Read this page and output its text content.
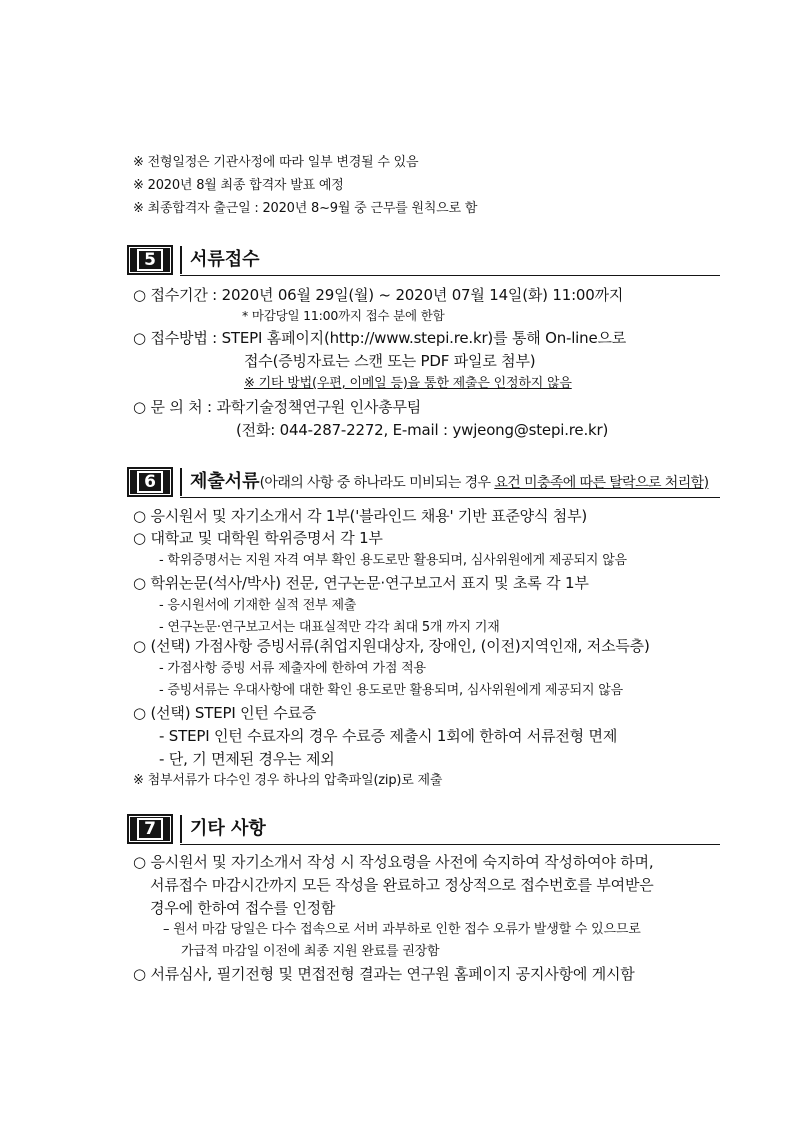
※ 전형일정은 기관사정에 따라 일부 변경될 수 있음
※ 2020년 8월 최종 합격자 발표 예정
※ 최종합격자 출근일 : 2020년 8~9월 중 근무를 원칙으로 함
5	서류접수
○ 접수기간 : 2020년 06월 29일(월) ~ 2020년 07월 14일(화) 11:00까지
* 마감당일 11:00까지 접수 분에 한함
○ 접수방법 : STEPI 홈페이지(http://www.stepi.re.kr)를 통해 On-line으로
접수(증빙자료는 스캔 또는 PDF 파일로 첨부)
※ 기타 방법(우편, 이메일 등)을 통한 제출은 인정하지 않음
○ 문 의 처 : 과학기술정책연구원 인사총무팀
(전화: 044-287-2272, E-mail : ywjeong@stepi.re.kr)
6	제출서류(아래의 사항 중 하나라도 미비되는 경우 요건 미충족에 따른 탈락으로 처리함)
○ 응시원서 및 자기소개서 각 1부('블라인드 채용' 기반 표준양식 첨부)
○ 대학교 및 대학원 학위증명서 각 1부
- 학위증명서는 지원 자격 여부 확인 용도로만 활용되며, 심사위원에게 제공되지 않음
○ 학위논문(석사/박사) 전문, 연구논문·연구보고서 표지 및 초록 각 1부
- 응시원서에 기재한 실적 전부 제출
- 연구논문·연구보고서는 대표실적만 각각 최대 5개 까지 기재
○ (선택) 가점사항 증빙서류(취업지원대상자, 장애인, (이전)지역인재, 저소득층)
- 가점사항 증빙 서류 제출자에 한하여 가점 적용
- 증빙서류는 우대사항에 대한 확인 용도로만 활용되며, 심사위원에게 제공되지 않음
○ (선택) STEPI 인턴 수료증
- STEPI 인턴 수료자의 경우 수료증 제출시 1회에 한하여 서류전형 면제
- 단, 기 면제된 경우는 제외
※ 첨부서류가 다수인 경우 하나의 압축파일(zip)로 제출
7	기타 사항
○ 응시원서 및 자기소개서 작성 시 작성요령을 사전에 숙지하여 작성하여야 하며,
서류접수 마감시간까지 모든 작성을 완료하고 정상적으로 접수번호를 부여받은
경우에 한하여 접수를 인정함
– 원서 마감 당일은 다수 접속으로 서버 과부하로 인한 접수 오류가 발생할 수 있으므로
가급적 마감일 이전에 최종 지원 완료를 권장함
○ 서류심사, 필기전형 및 면접전형 결과는 연구원 홈페이지 공지사항에 게시함
